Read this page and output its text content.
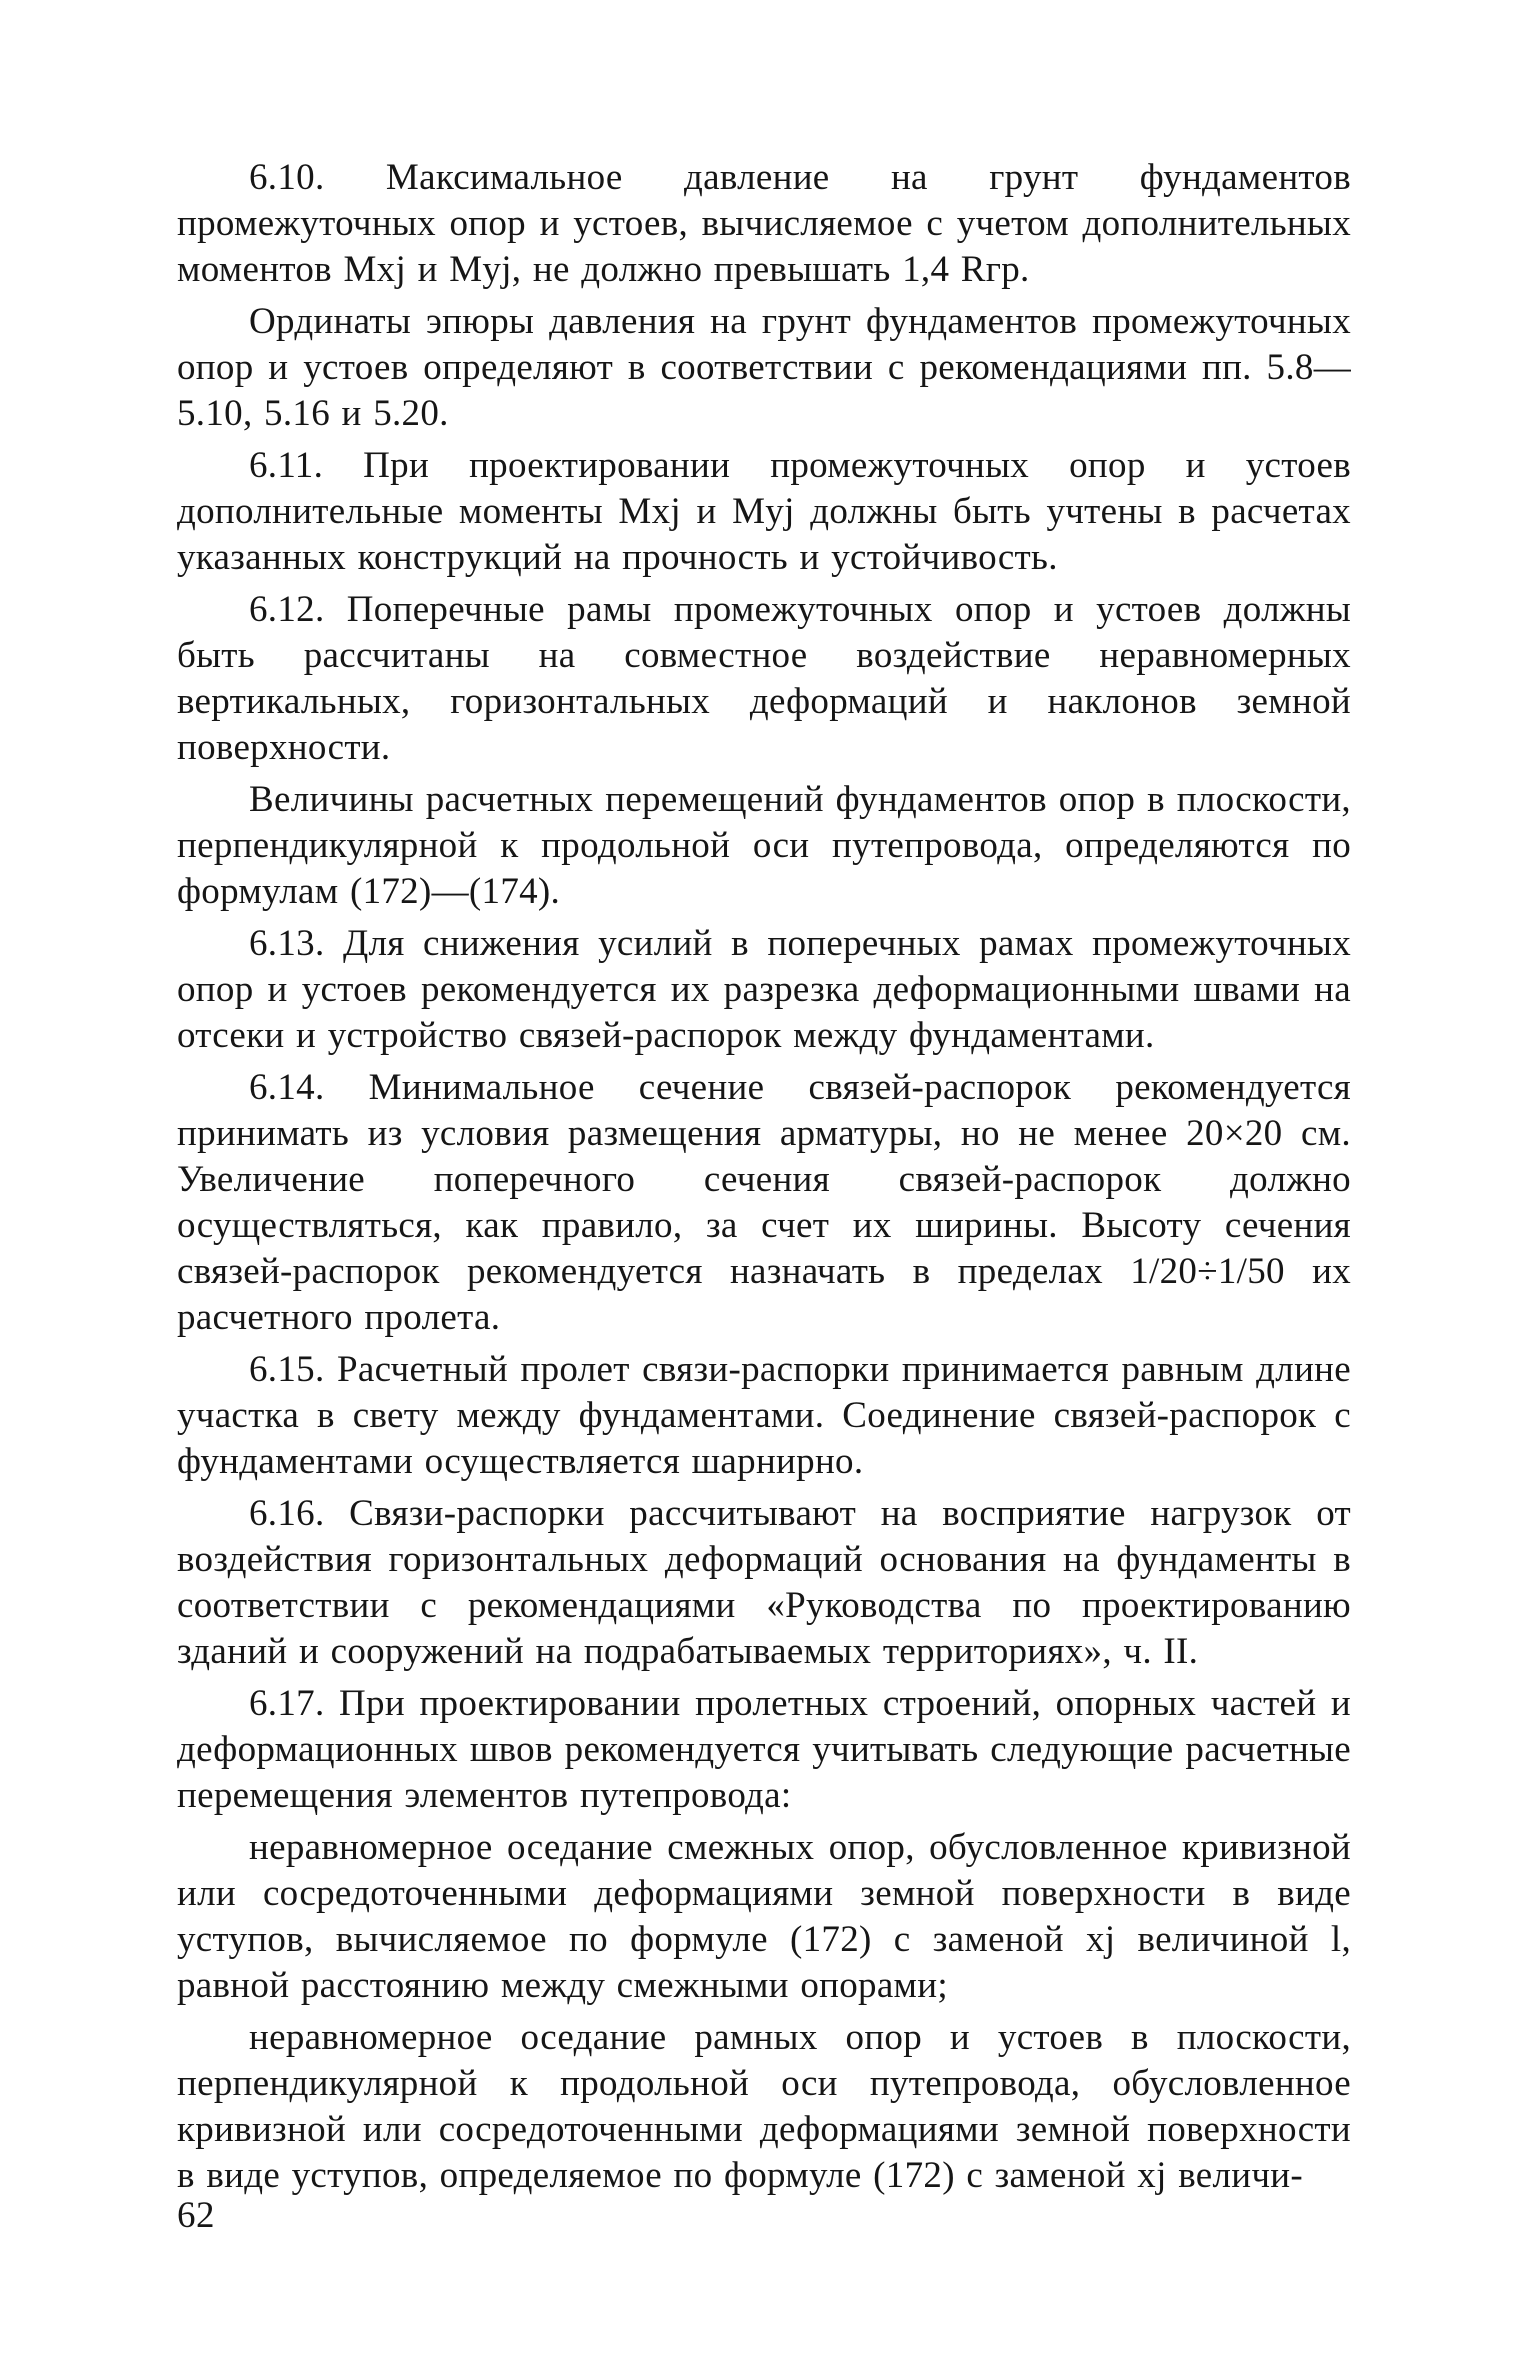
6.10. Максимальное давление на грунт фундаментов промежуточных опор и устоев, вычисляемое с учетом дополнительных моментов Mxj и Myj, не должно превышать 1,4 Rгр.

Ординаты эпюры давления на грунт фундаментов промежуточных опор и устоев определяют в соответствии с рекомендациями пп. 5.8—5.10, 5.16 и 5.20.

6.11. При проектировании промежуточных опор и устоев дополнительные моменты Mxj и Myj должны быть учтены в расчетах указанных конструкций на прочность и устойчивость.

6.12. Поперечные рамы промежуточных опор и устоев должны быть рассчитаны на совместное воздействие неравномерных вертикальных, горизонтальных деформаций и наклонов земной поверхности.

Величины расчетных перемещений фундаментов опор в плоскости, перпендикулярной к продольной оси путепровода, определяются по формулам (172)—(174).

6.13. Для снижения усилий в поперечных рамах промежуточных опор и устоев рекомендуется их разрезка деформационными швами на отсеки и устройство связей-распорок между фундаментами.

6.14. Минимальное сечение связей-распорок рекомендуется принимать из условия размещения арматуры, но не менее 20×20 см. Увеличение поперечного сечения связей-распорок должно осуществляться, как правило, за счет их ширины. Высоту сечения связей-распорок рекомендуется назначать в пределах 1/20÷1/50 их расчетного пролета.

6.15. Расчетный пролет связи-распорки принимается равным длине участка в свету между фундаментами. Соединение связей-распорок с фундаментами осуществляется шарнирно.

6.16. Связи-распорки рассчитывают на восприятие нагрузок от воздействия горизонтальных деформаций основания на фундаменты в соответствии с рекомендациями «Руководства по проектированию зданий и сооружений на подрабатываемых территориях», ч. II.

6.17. При проектировании пролетных строений, опорных частей и деформационных швов рекомендуется учитывать следующие расчетные перемещения элементов путепровода:

неравномерное оседание смежных опор, обусловленное кривизной или сосредоточенными деформациями земной поверхности в виде уступов, вычисляемое по формуле (172) с заменой xj величиной l, равной расстоянию между смежными опорами;

неравномерное оседание рамных опор и устоев в плоскости, перпендикулярной к продольной оси путепровода, обусловленное кривизной или сосредоточенными деформациями земной поверхности в виде уступов, определяемое по формуле (172) с заменой xj величи-

62
